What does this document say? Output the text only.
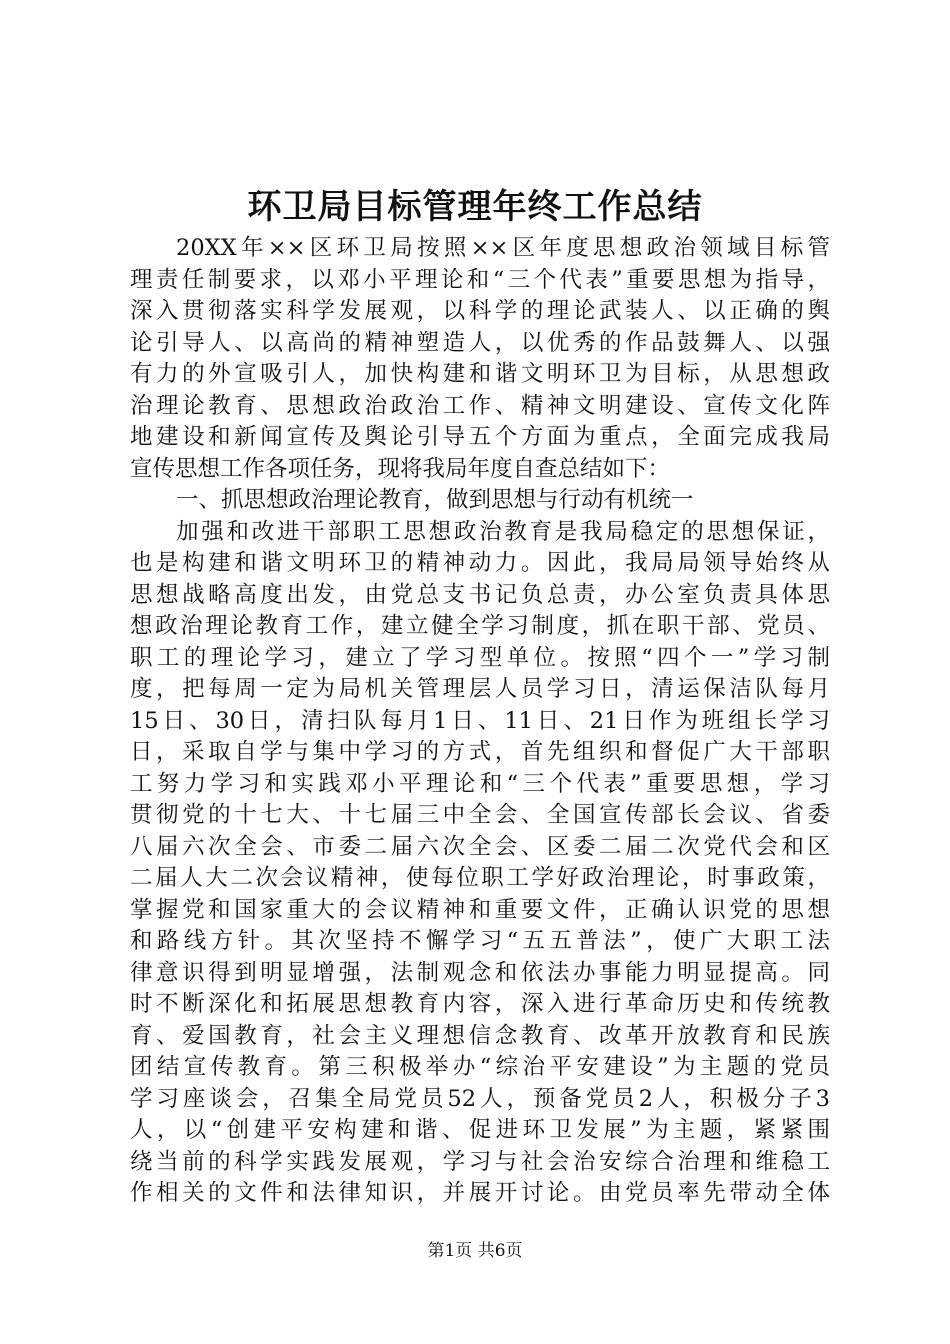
环卫局目标管理年终工作总结
20XX年××区环卫局按照××区年度思想政治领域目标管
理责任制要求，以邓小平理论和“三个代表”重要思想为指导，
深入贯彻落实科学发展观，以科学的理论武装人、以正确的舆
论引导人、以高尚的精神塑造人，以优秀的作品鼓舞人、以强
有力的外宣吸引人，加快构建和谐文明环卫为目标，从思想政
治理论教育、思想政治政治工作、精神文明建设、宣传文化阵
地建设和新闻宣传及舆论引导五个方面为重点，全面完成我局
宣传思想工作各项任务，现将我局年度自查总结如下：
一、抓思想政治理论教育，做到思想与行动有机统一
加强和改进干部职工思想政治教育是我局稳定的思想保证，
也是构建和谐文明环卫的精神动力。因此，我局局领导始终从
思想战略高度出发，由党总支书记负总责，办公室负责具体思
想政治理论教育工作，建立健全学习制度，抓在职干部、党员、
职工的理论学习，建立了学习型单位。按照“四个一”学习制
度，把每周一定为局机关管理层人员学习日，清运保洁队每月
15日、30日，清扫队每月1日、11日、21日作为班组长学习
日，采取自学与集中学习的方式，首先组织和督促广大干部职
工努力学习和实践邓小平理论和“三个代表”重要思想，学习
贯彻党的十七大、十七届三中全会、全国宣传部长会议、省委
八届六次全会、市委二届六次全会、区委二届二次党代会和区
二届人大二次会议精神，使每位职工学好政治理论，时事政策，
掌握党和国家重大的会议精神和重要文件，正确认识党的思想
和路线方针。其次坚持不懈学习“五五普法”，使广大职工法
律意识得到明显增强，法制观念和依法办事能力明显提高。同
时不断深化和拓展思想教育内容，深入进行革命历史和传统教
育、爱国教育，社会主义理想信念教育、改革开放教育和民族
团结宣传教育。第三积极举办“综治平安建设”为主题的党员
学习座谈会，召集全局党员52人，预备党员2人，积极分子3
人，以“创建平安构建和谐、促进环卫发展”为主题，紧紧围
绕当前的科学实践发展观，学习与社会治安综合治理和维稳工
作相关的文件和法律知识，并展开讨论。由党员率先带动全体
第1页 共6页
